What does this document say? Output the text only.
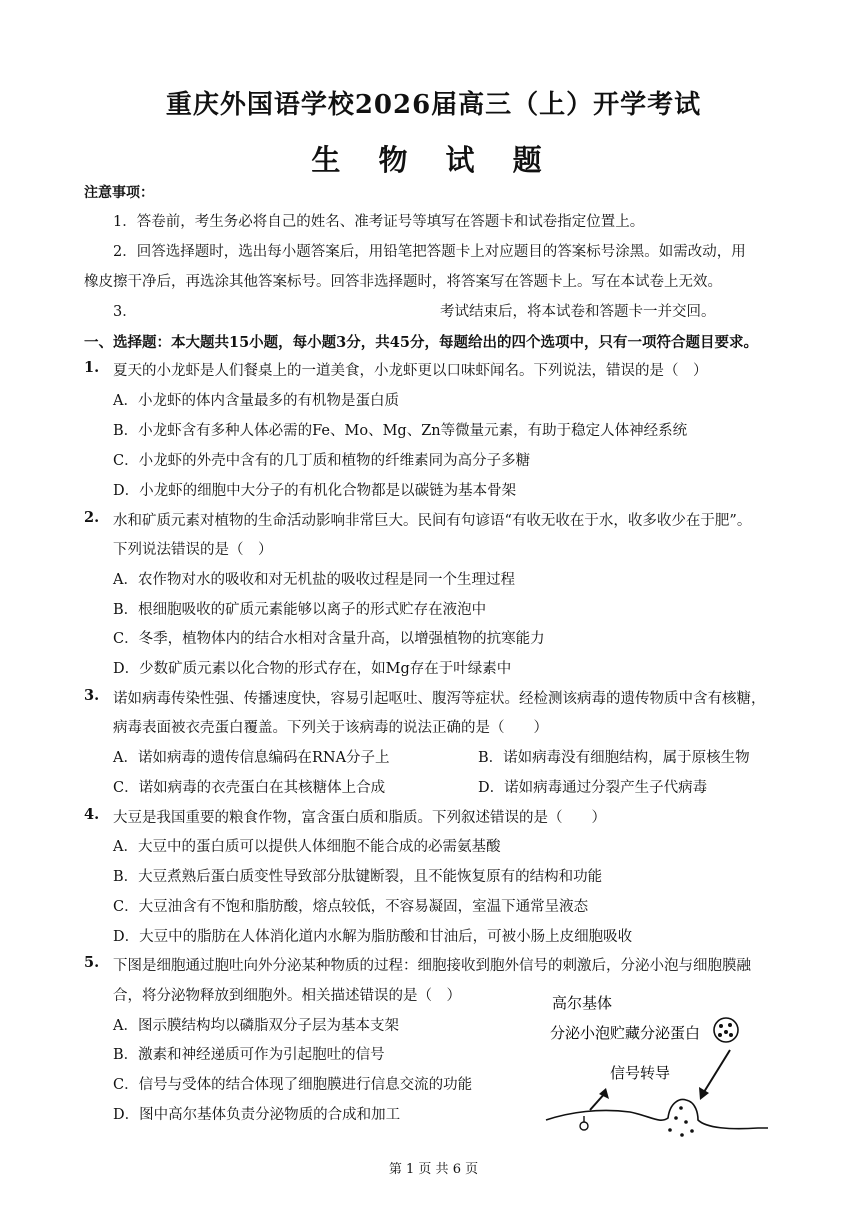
重庆外国语学校2026届高三（上）开学考试
生 物 试 题
注意事项：
1．答卷前，考生务必将自己的姓名、准考证号等填写在答题卡和试卷指定位置上。
2．回答选择题时，选出每小题答案后，用铅笔把答题卡上对应题目的答案标号涂黑。如需改动，用
橡皮擦干净后，再选涂其他答案标号。回答非选择题时，将答案写在答题卡上。写在本试卷上无效。
3．	考试结束后，将本试卷和答题卡一并交回。
一、选择题：本大题共15小题，每小题3分，共45分，每题给出的四个选项中，只有一项符合题目要求。
1. 夏天的小龙虾是人们餐桌上的一道美食，小龙虾更以口味虾闻名。下列说法，错误的是（　）
A．小龙虾的体内含量最多的有机物是蛋白质
B．小龙虾含有多种人体必需的Fe、Mo、Mg、Zn等微量元素，有助于稳定人体神经系统
C．小龙虾的外壳中含有的几丁质和植物的纤维素同为高分子多糖
D．小龙虾的细胞中大分子的有机化合物都是以碳链为基本骨架
2. 水和矿质元素对植物的生命活动影响非常巨大。民间有句谚语“有收无收在于水，收多收少在于肥”。
下列说法错误的是（　）
A．农作物对水的吸收和对无机盐的吸收过程是同一个生理过程
B．根细胞吸收的矿质元素能够以离子的形式贮存在液泡中
C．冬季，植物体内的结合水相对含量升高，以增强植物的抗寒能力
D．少数矿质元素以化合物的形式存在，如Mg存在于叶绿素中
3. 诺如病毒传染性强、传播速度快，容易引起呕吐、腹泻等症状。经检测该病毒的遗传物质中含有核糖，
病毒表面被衣壳蛋白覆盖。下列关于该病毒的说法正确的是（　　）
A．诺如病毒的遗传信息编码在RNA分子上	B．诺如病毒没有细胞结构，属于原核生物
C．诺如病毒的衣壳蛋白在其核糖体上合成	D．诺如病毒通过分裂产生子代病毒
4. 大豆是我国重要的粮食作物，富含蛋白质和脂质。下列叙述错误的是（　　）
A．大豆中的蛋白质可以提供人体细胞不能合成的必需氨基酸
B．大豆煮熟后蛋白质变性导致部分肽键断裂，且不能恢复原有的结构和功能
C．大豆油含有不饱和脂肪酸，熔点较低，不容易凝固，室温下通常呈液态
D．大豆中的脂肪在人体消化道内水解为脂肪酸和甘油后，可被小肠上皮细胞吸收
5. 下图是细胞通过胞吐向外分泌某种物质的过程：细胞接收到胞外信号的刺激后，分泌小泡与细胞膜融
合，将分泌物释放到细胞外。相关描述错误的是（　）
A．图示膜结构均以磷脂双分子层为基本支架
B．激素和神经递质可作为引起胞吐的信号
C．信号与受体的结合体现了细胞膜进行信息交流的功能
D．图中高尔基体负责分泌物质的合成和加工
高尔基体
分泌小泡贮藏分泌蛋白
信号转导
第 1 页 共 6 页
